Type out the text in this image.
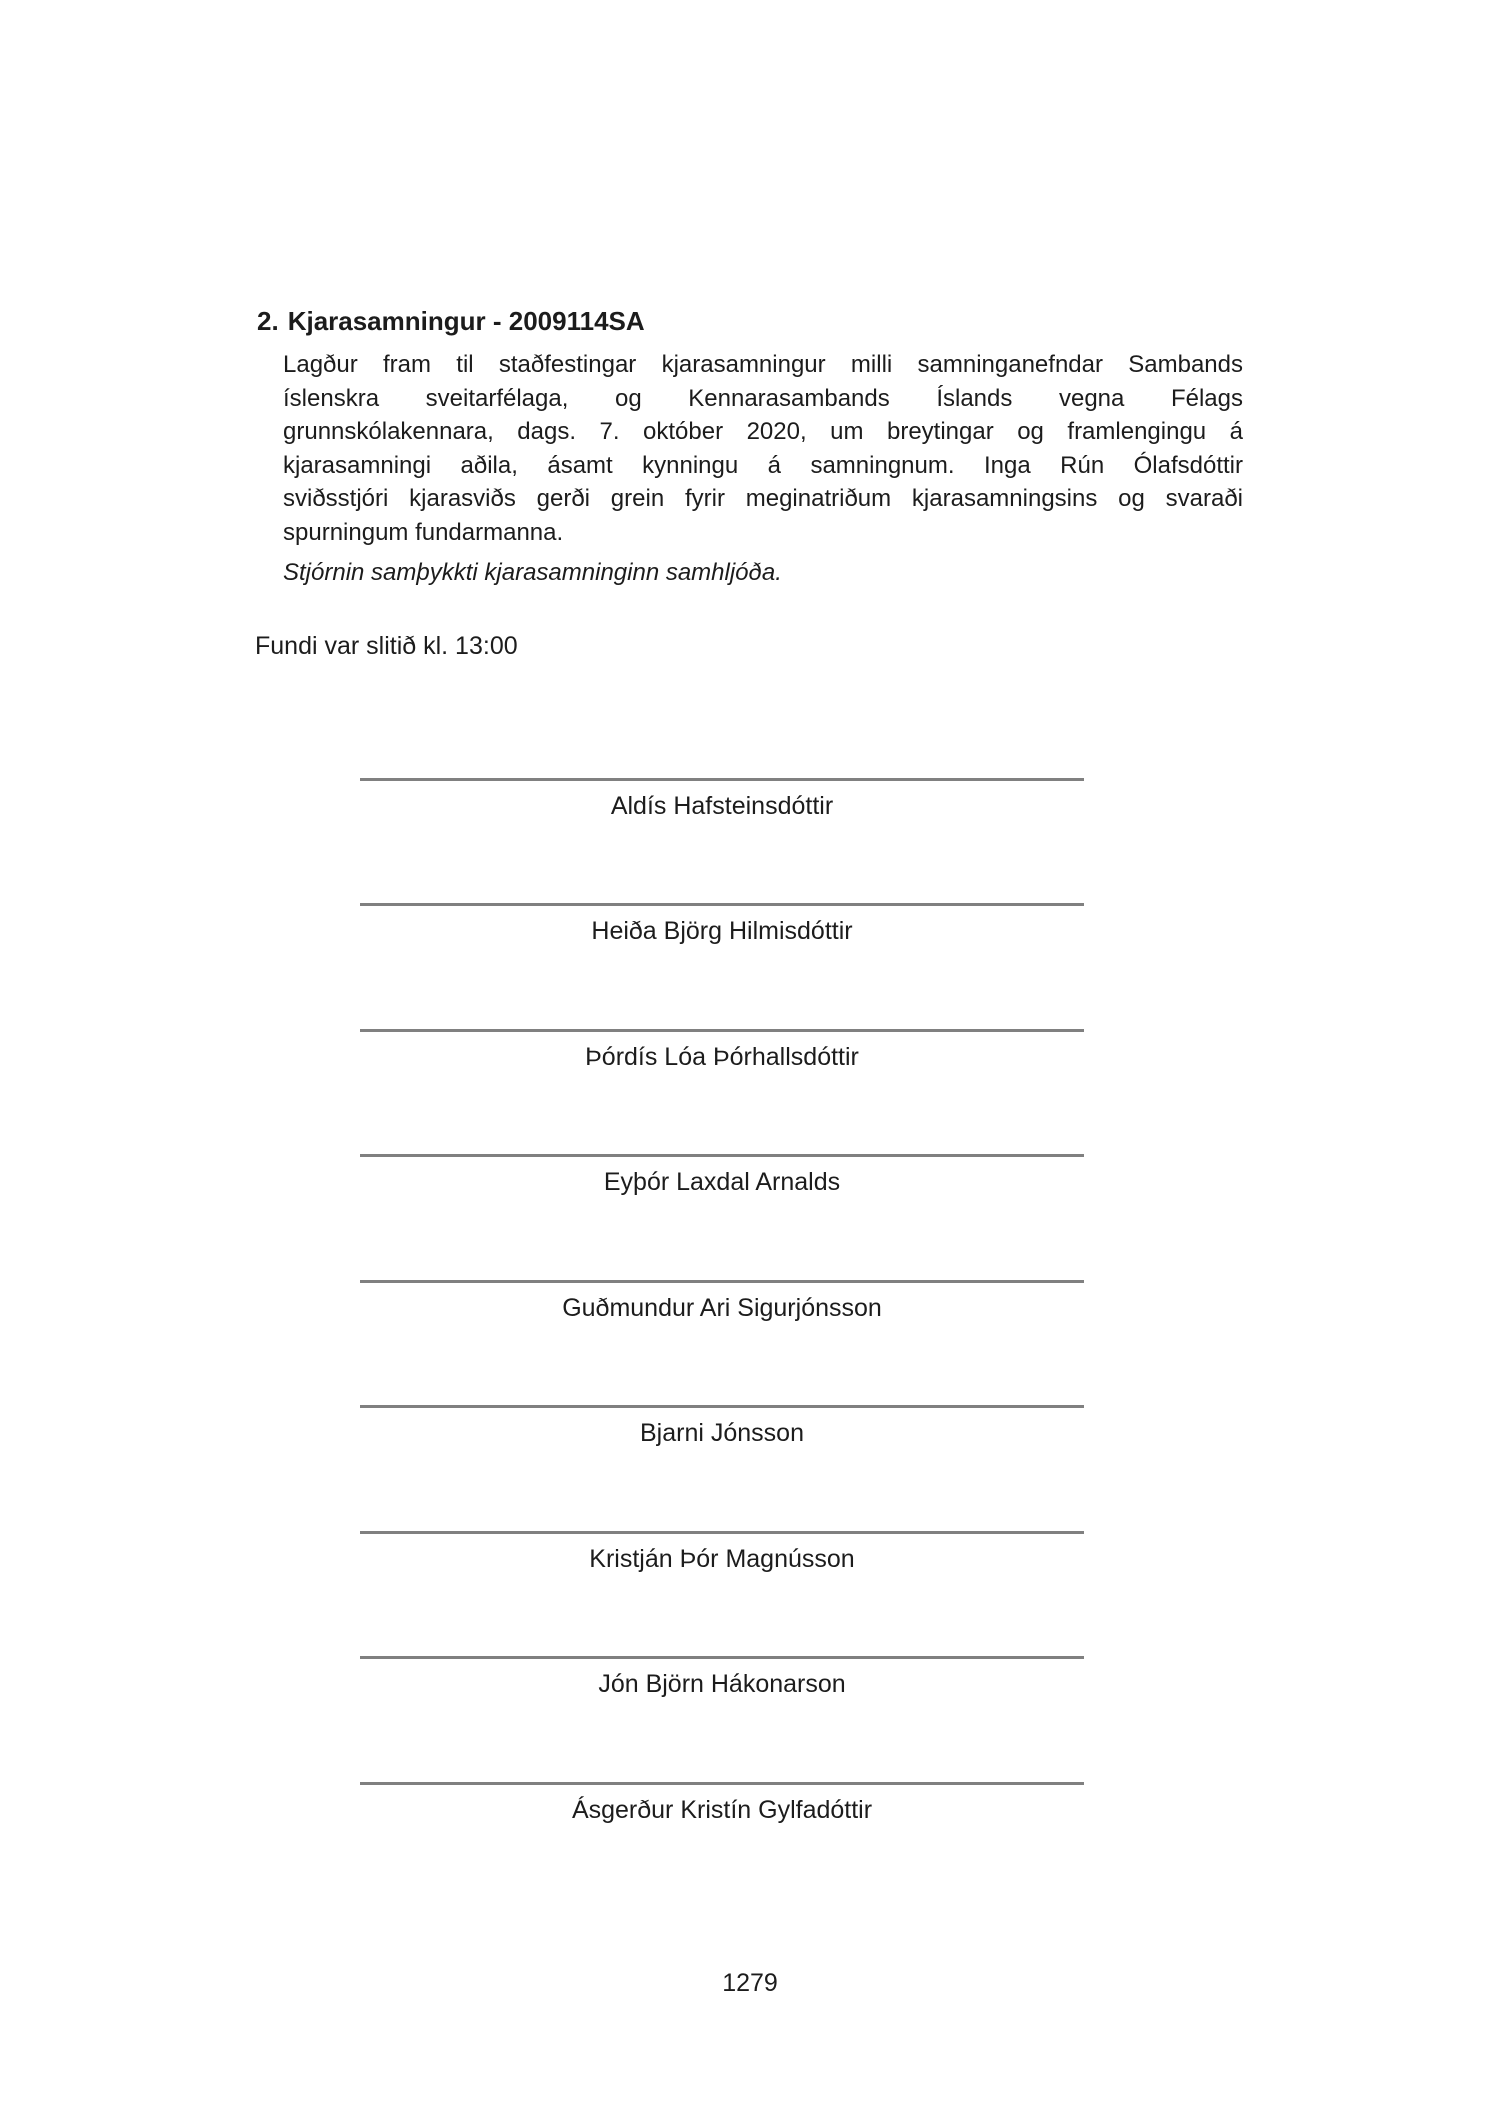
2. Kjarasamningur - 2009114SA
Lagður fram til staðfestingar kjarasamningur milli samninganefndar Sambands
íslenskra sveitarfélaga, og Kennarasambands Íslands vegna Félags
grunnskólakennara, dags. 7. október 2020, um breytingar og framlengingu á
kjarasamningi aðila, ásamt kynningu á samningnum. Inga Rún Ólafsdóttir
sviðsstjóri kjarasviðs gerði grein fyrir meginatriðum kjarasamningsins og svaraði
spurningum fundarmanna.
Stjórnin samþykkti kjarasamninginn samhljóða.
Fundi var slitið kl. 13:00
Aldís Hafsteinsdóttir
Heiða Björg Hilmisdóttir
Þórdís Lóa Þórhallsdóttir
Eyþór Laxdal Arnalds
Guðmundur Ari Sigurjónsson
Bjarni Jónsson
Kristján Þór Magnússon
Jón Björn Hákonarson
Ásgerður Kristín Gylfadóttir
1279
